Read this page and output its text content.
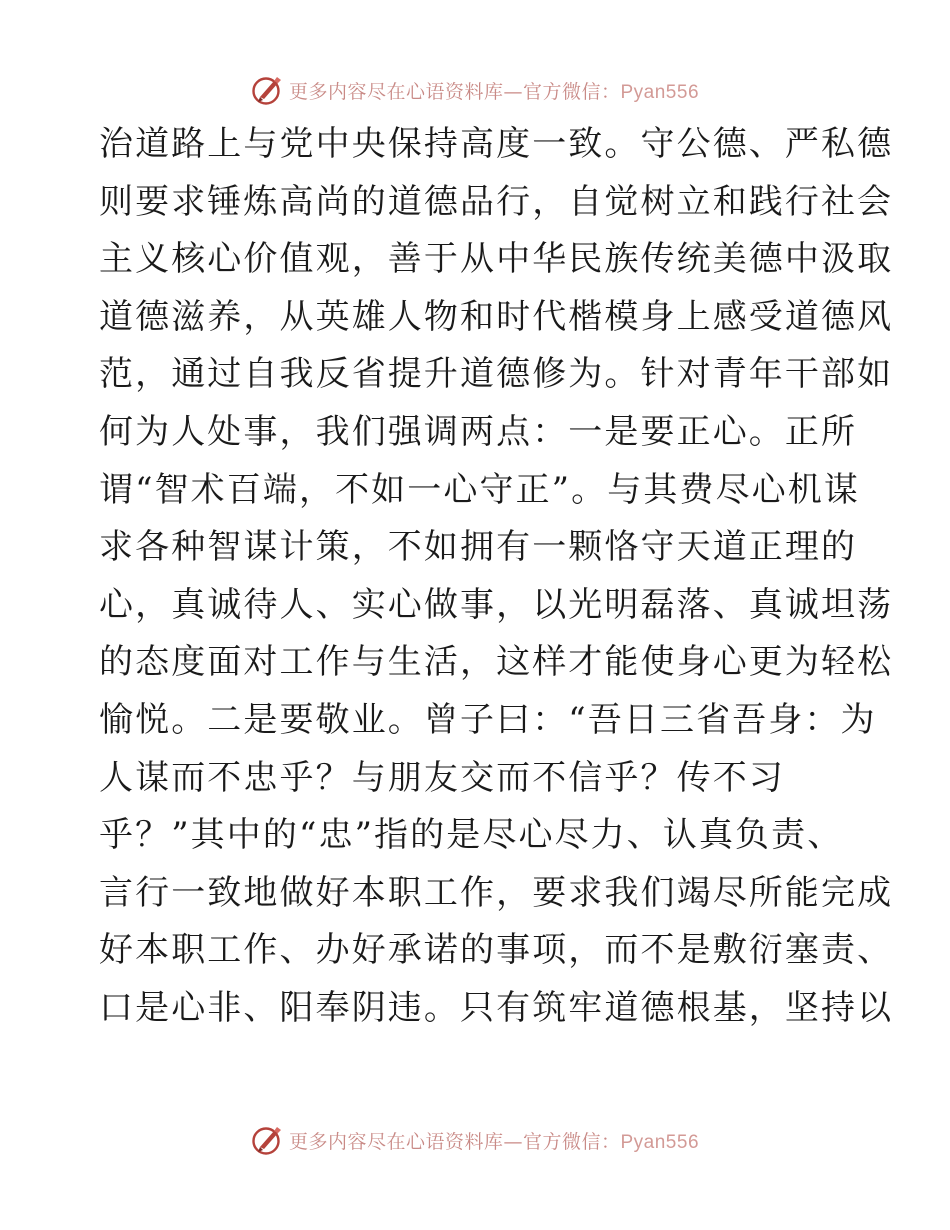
更多内容尽在心语资料库—官方微信：Pyan556
治道路上与党中央保持高度一致。守公德、严私德
则要求锤炼高尚的道德品行，自觉树立和践行社会
主义核心价值观，善于从中华民族传统美德中汲取
道德滋养，从英雄人物和时代楷模身上感受道德风
范，通过自我反省提升道德修为。针对青年干部如
何为人处事，我们强调两点：一是要正心。正所
谓“智术百端，不如一心守正”。与其费尽心机谋
求各种智谋计策，不如拥有一颗恪守天道正理的
心，真诚待人、实心做事，以光明磊落、真诚坦荡
的态度面对工作与生活，这样才能使身心更为轻松
愉悦。二是要敬业。曾子曰：“吾日三省吾身：为
人谋而不忠乎？与朋友交而不信乎？传不习
乎？”其中的“忠”指的是尽心尽力、认真负责、
言行一致地做好本职工作，要求我们竭尽所能完成
好本职工作、办好承诺的事项，而不是敷衍塞责、
口是心非、阳奉阴违。只有筑牢道德根基，坚持以
更多内容尽在心语资料库—官方微信：Pyan556
